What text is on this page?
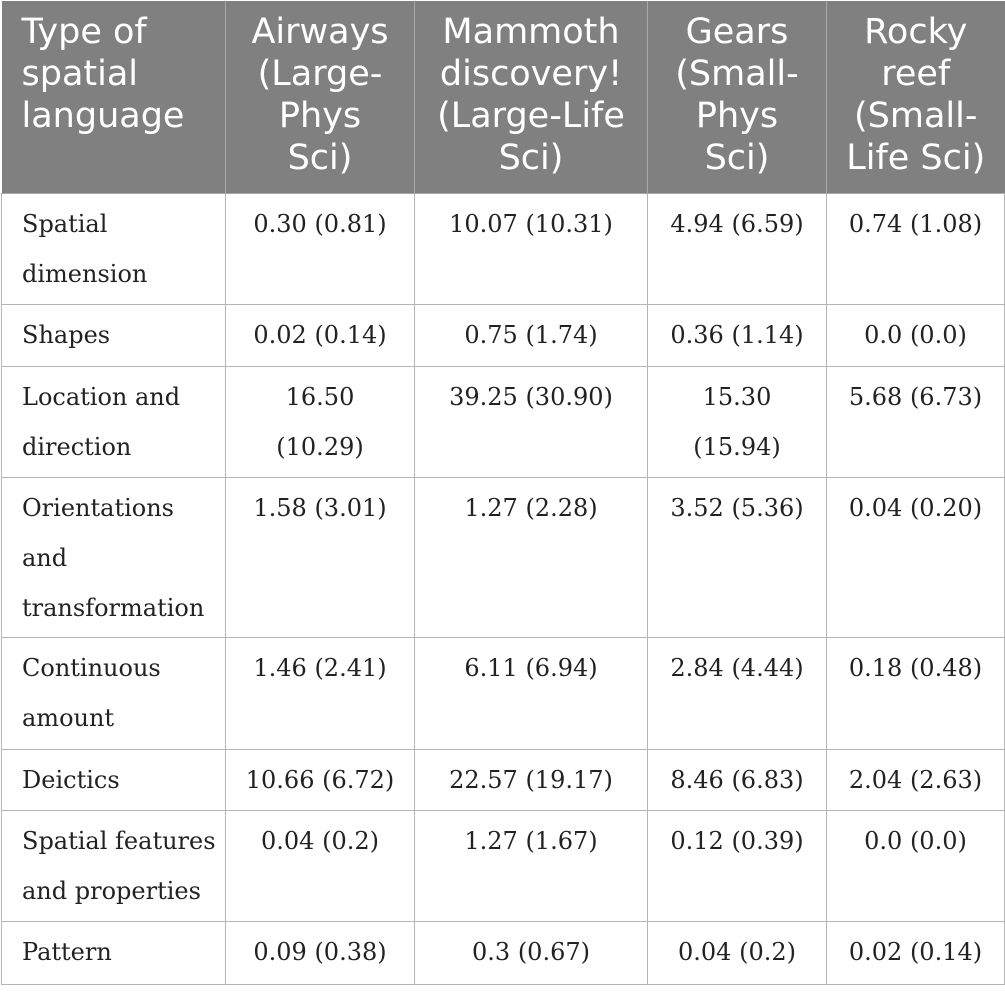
Type of
spatial
language	Airways
(Large-
Phys
Sci)	Mammoth
discovery!
(Large-Life
Sci)	Gears
(Small-
Phys
Sci)	Rocky
reef
(Small-
Life Sci)

Spatial
dimension	0.30 (0.81)	10.07 (10.31)	4.94 (6.59)	0.74 (1.08)

Shapes	0.02 (0.14)	0.75 (1.74)	0.36 (1.14)	0.0 (0.0)

Location and
direction	16.50
(10.29)	39.25 (30.90)	15.30
(15.94)	5.68 (6.73)

Orientations
and
transformation	1.58 (3.01)	1.27 (2.28)	3.52 (5.36)	0.04 (0.20)

Continuous
amount	1.46 (2.41)	6.11 (6.94)	2.84 (4.44)	0.18 (0.48)

Deictics	10.66 (6.72)	22.57 (19.17)	8.46 (6.83)	2.04 (2.63)

Spatial features
and properties	0.04 (0.2)	1.27 (1.67)	0.12 (0.39)	0.0 (0.0)

Pattern	0.09 (0.38)	0.3 (0.67)	0.04 (0.2)	0.02 (0.14)
